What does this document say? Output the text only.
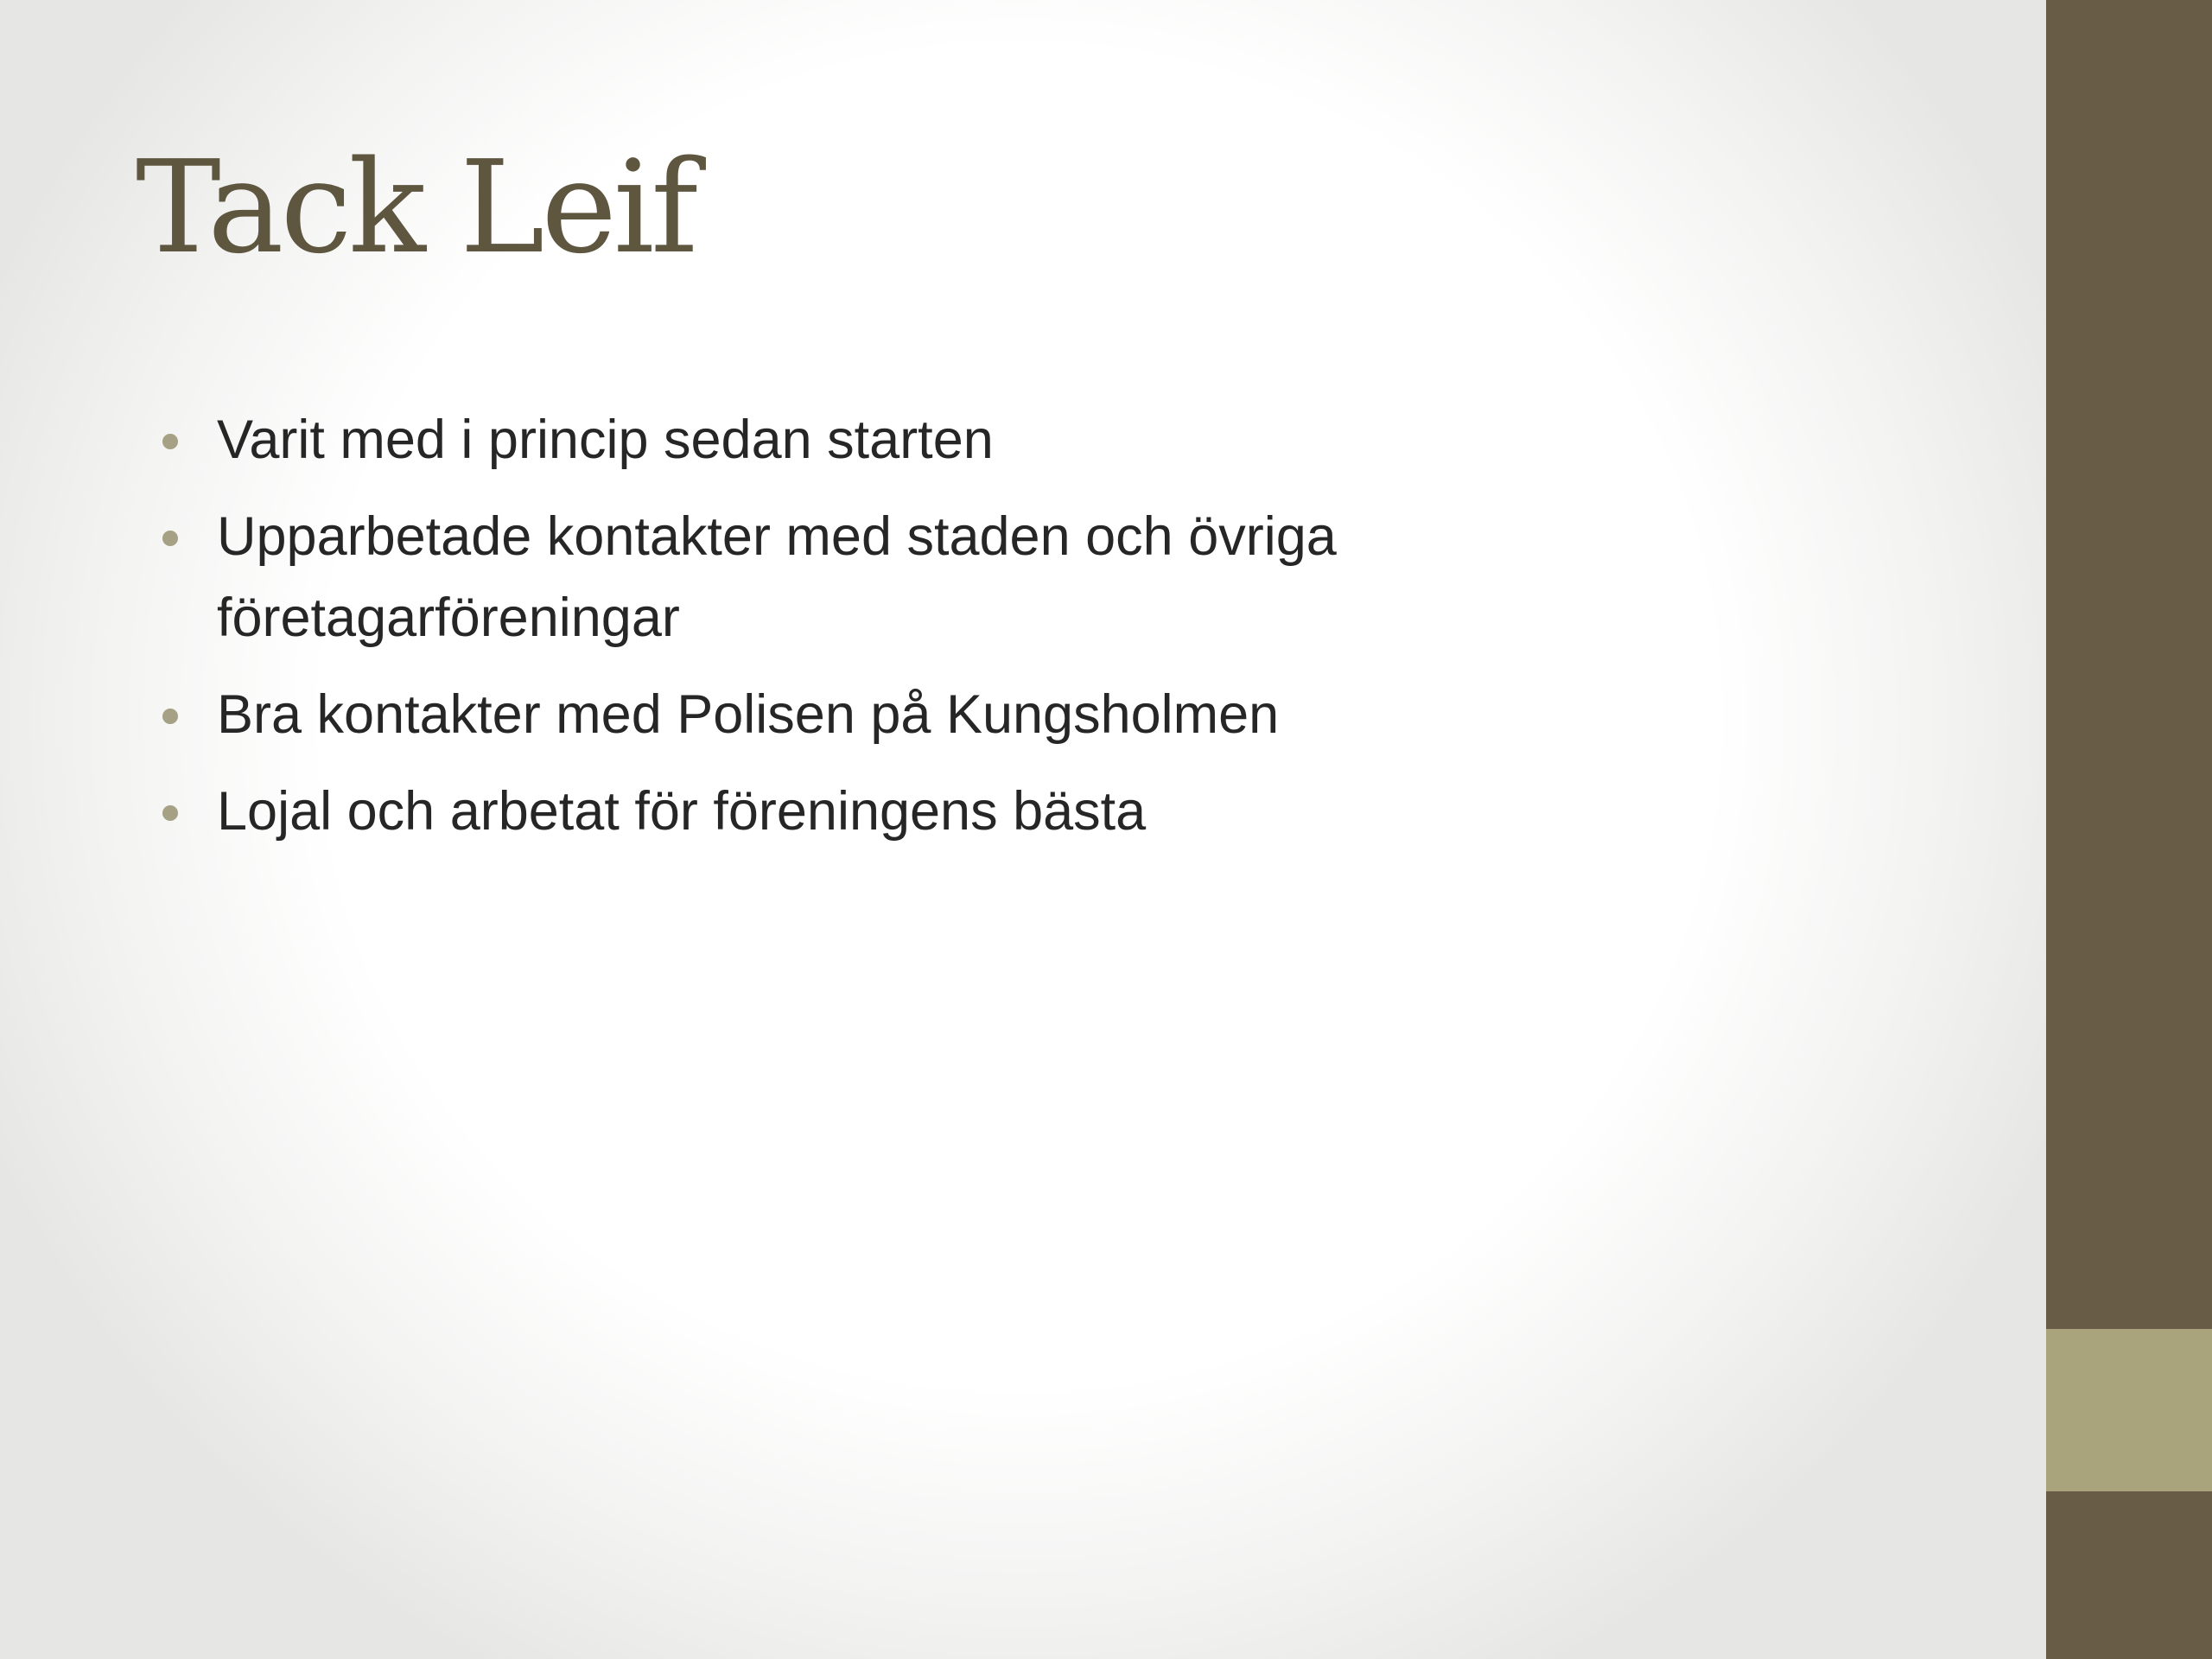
Tack Leif
Varit med i princip sedan starten
Upparbetade kontakter med staden och övriga företagarföreningar
Bra kontakter med Polisen på Kungsholmen
Lojal och arbetat för föreningens bästa
